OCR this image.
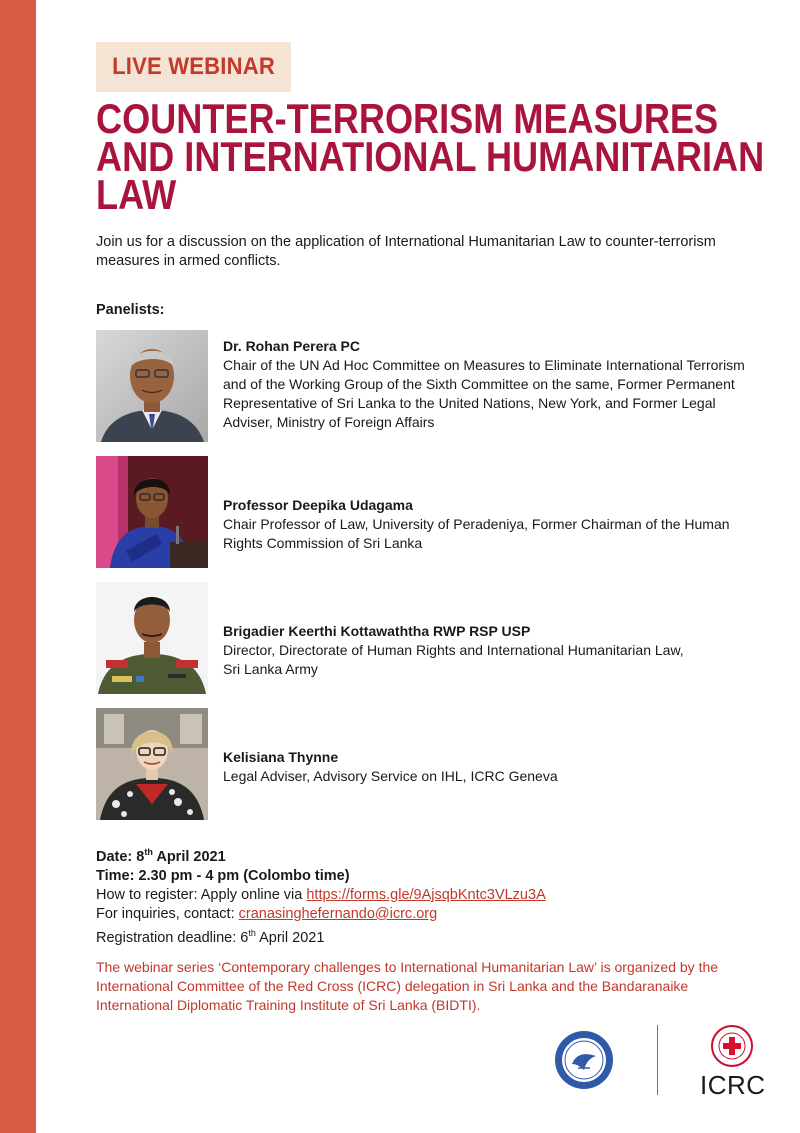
LIVE WEBINAR
COUNTER-TERRORISM MEASURES
AND INTERNATIONAL HUMANITARIAN
LAW
Join us for a discussion on the application of International Humanitarian Law to counter-terrorism
measures in armed conflicts.
Panelists:
Dr. Rohan Perera PC
Chair of the UN Ad Hoc Committee on Measures to Eliminate International Terrorism
and of the Working Group of the Sixth Committee on the same, Former Permanent
Representative of Sri Lanka to the United Nations, New York, and Former Legal
Adviser, Ministry of Foreign Affairs
Professor Deepika Udagama
Chair Professor of Law, University of Peradeniya, Former Chairman of the Human
Rights Commission of Sri Lanka
Brigadier Keerthi Kottawaththa RWP RSP USP
Director, Directorate of Human Rights and International Humanitarian Law,
Sri Lanka Army
Kelisiana Thynne
Legal Adviser, Advisory Service on IHL, ICRC Geneva
Date: 8th April 2021
Time: 2.30 pm - 4 pm (Colombo time)
How to register: Apply online via https://forms.gle/9AjsqbKntc3VLzu3A
For inquiries, contact: cranasinghefernando@icrc.org
Registration deadline: 6th April 2021
The webinar series ‘Contemporary challenges to International Humanitarian Law’ is organized by the
International Committee of the Red Cross (ICRC) delegation in Sri Lanka and the Bandaranaike
International Diplomatic Training Institute of Sri Lanka (BIDTI).
ICRC
